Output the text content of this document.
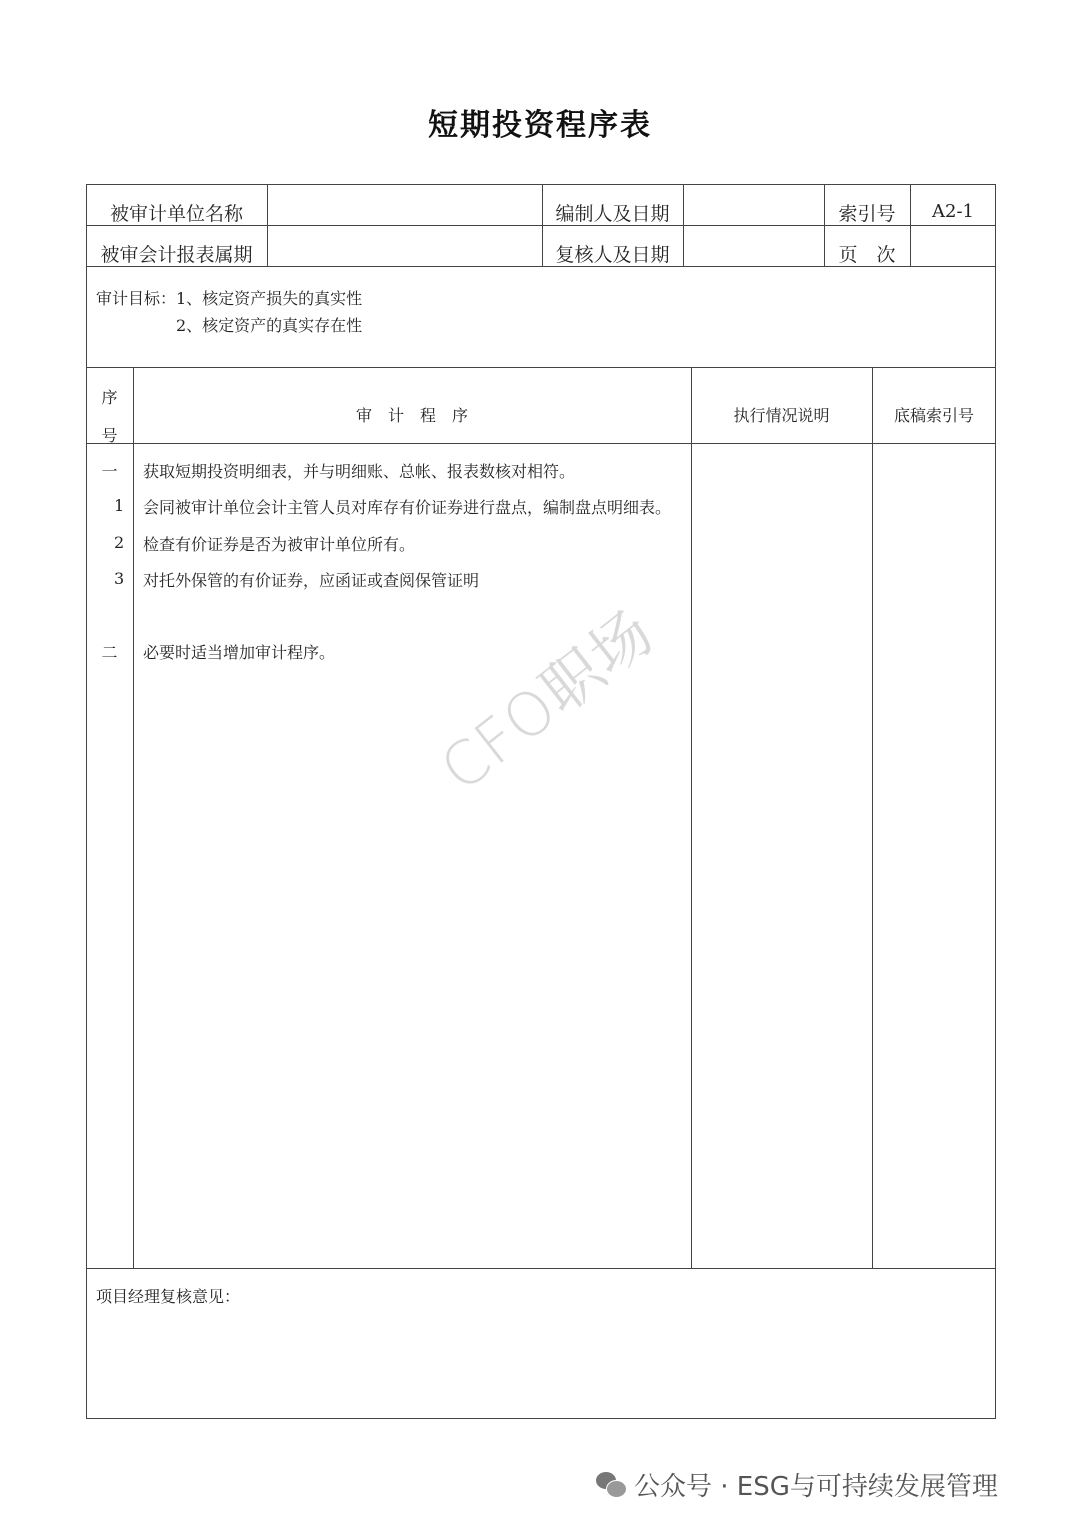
短期投资程序表
被审计单位名称	编制人及日期	索引号	A2-1
被审会计报表属期	复核人及日期	页　次
审计目标：1、核定资产损失的真实性
2、核定资产的真实存在性
序
号
审　计　程　序	执行情况说明	底稿索引号
一	获取短期投资明细表，并与明细账、总帐、报表数核对相符。
1 会同被审计单位会计主管人员对库存有价证券进行盘点，编制盘点明细表。
2 检查有价证券是否为被审计单位所有。
3 对托外保管的有价证券，应函证或查阅保管证明
二	必要时适当增加审计程序。
项目经理复核意见：
CFO职场
公众号 · ESG与可持续发展管理
